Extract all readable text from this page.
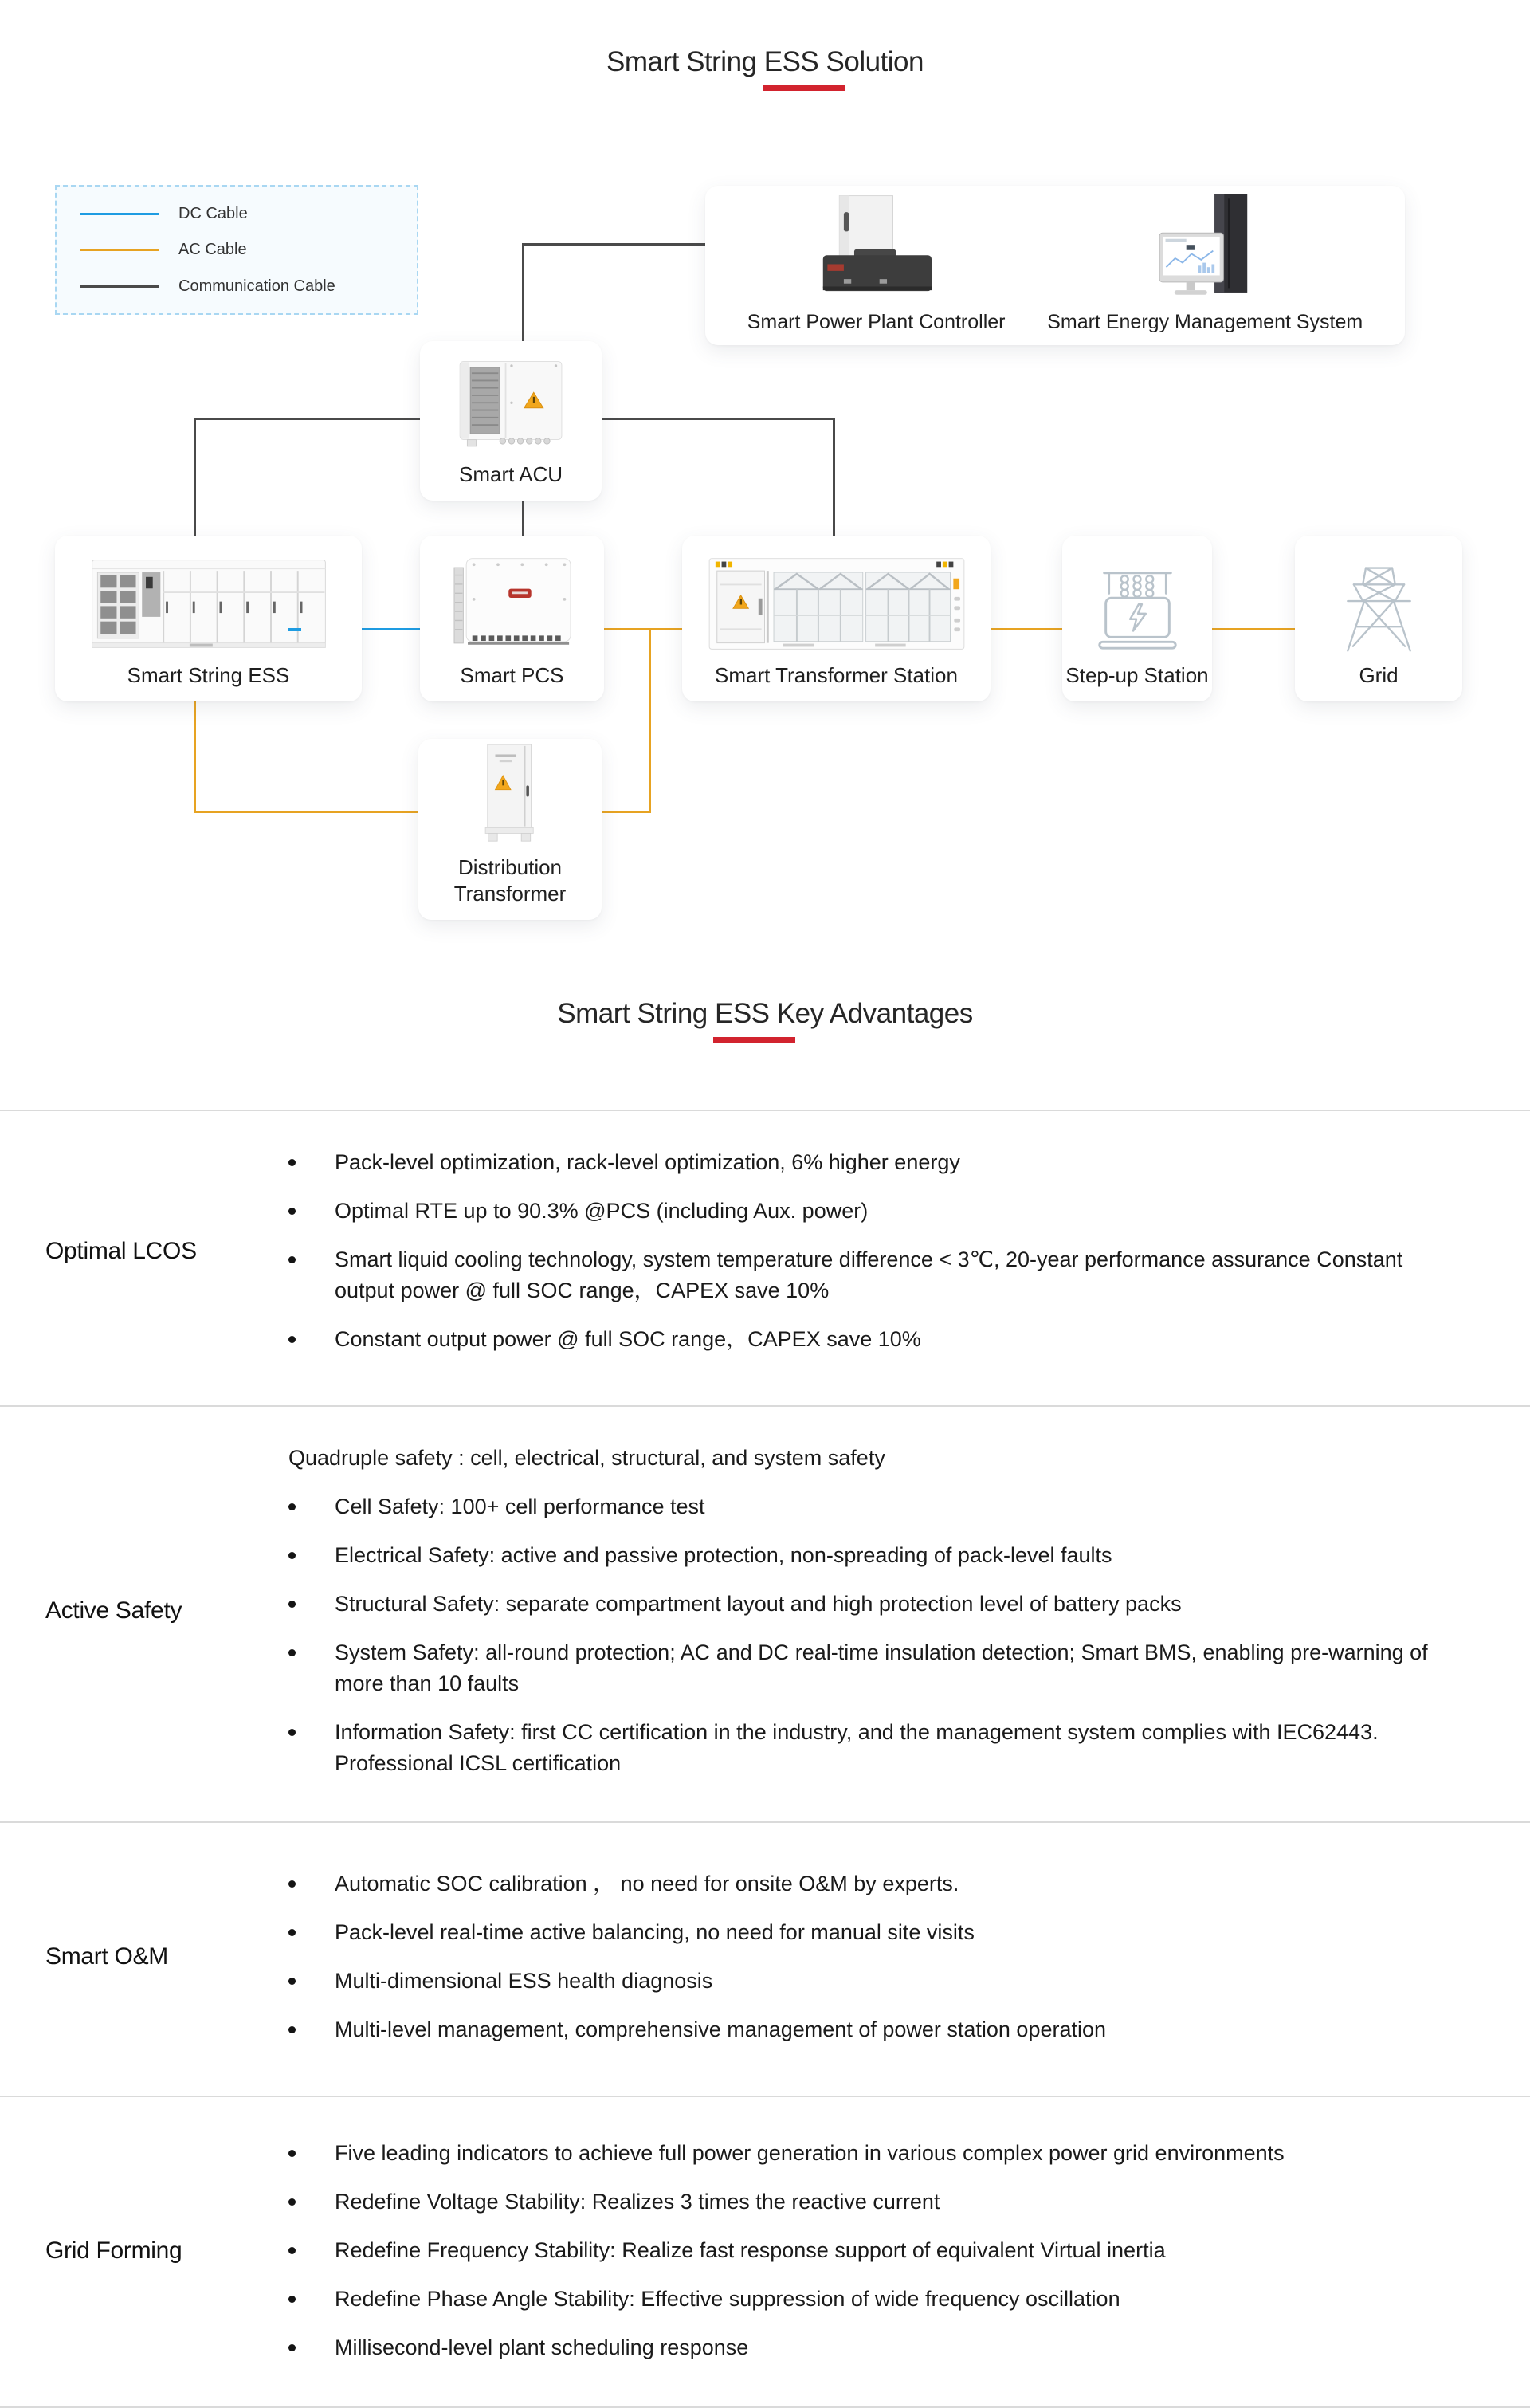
Smart String ESS Solution
DC Cable
AC Cable
Communication Cable
Smart Power Plant Controller Smart Energy Management System
Smart ACU
Smart String ESS	Smart PCS	Smart Transformer Station	Step-up Station	Grid
Distribution
Transformer
Smart String ESS Key Advantages
Optimal LCOS
Pack-level optimization, rack-level optimization, 6% higher energy
Optimal RTE up to 90.3% @PCS (including Aux. power)
Smart liquid cooling technology, system temperature difference < 3℃, 20-year performance assurance Constant output power @ full SOC range，CAPEX save 10%
Constant output power @ full SOC range，CAPEX save 10%
Active Safety
Quadruple safety : cell, electrical, structural, and system safety
Cell Safety: 100+ cell performance test
Electrical Safety: active and passive protection, non-spreading of pack-level faults
Structural Safety: separate compartment layout and high protection level of battery packs
System Safety: all-round protection; AC and DC real-time insulation detection; Smart BMS, enabling pre-warning of more than 10 faults
Information Safety: first CC certification in the industry, and the management system complies with IEC62443. Professional ICSL certification
Smart O&M
Automatic SOC calibration ， no need for onsite O&M by experts.
Pack-level real-time active balancing, no need for manual site visits
Multi-dimensional ESS health diagnosis
Multi-level management, comprehensive management of power station operation
Grid Forming
Five leading indicators to achieve full power generation in various complex power grid environments
Redefine Voltage Stability: Realizes 3 times the reactive current
Redefine Frequency Stability: Realize fast response support of equivalent Virtual inertia
Redefine Phase Angle Stability: Effective suppression of wide frequency oscillation
Millisecond-level plant scheduling response
